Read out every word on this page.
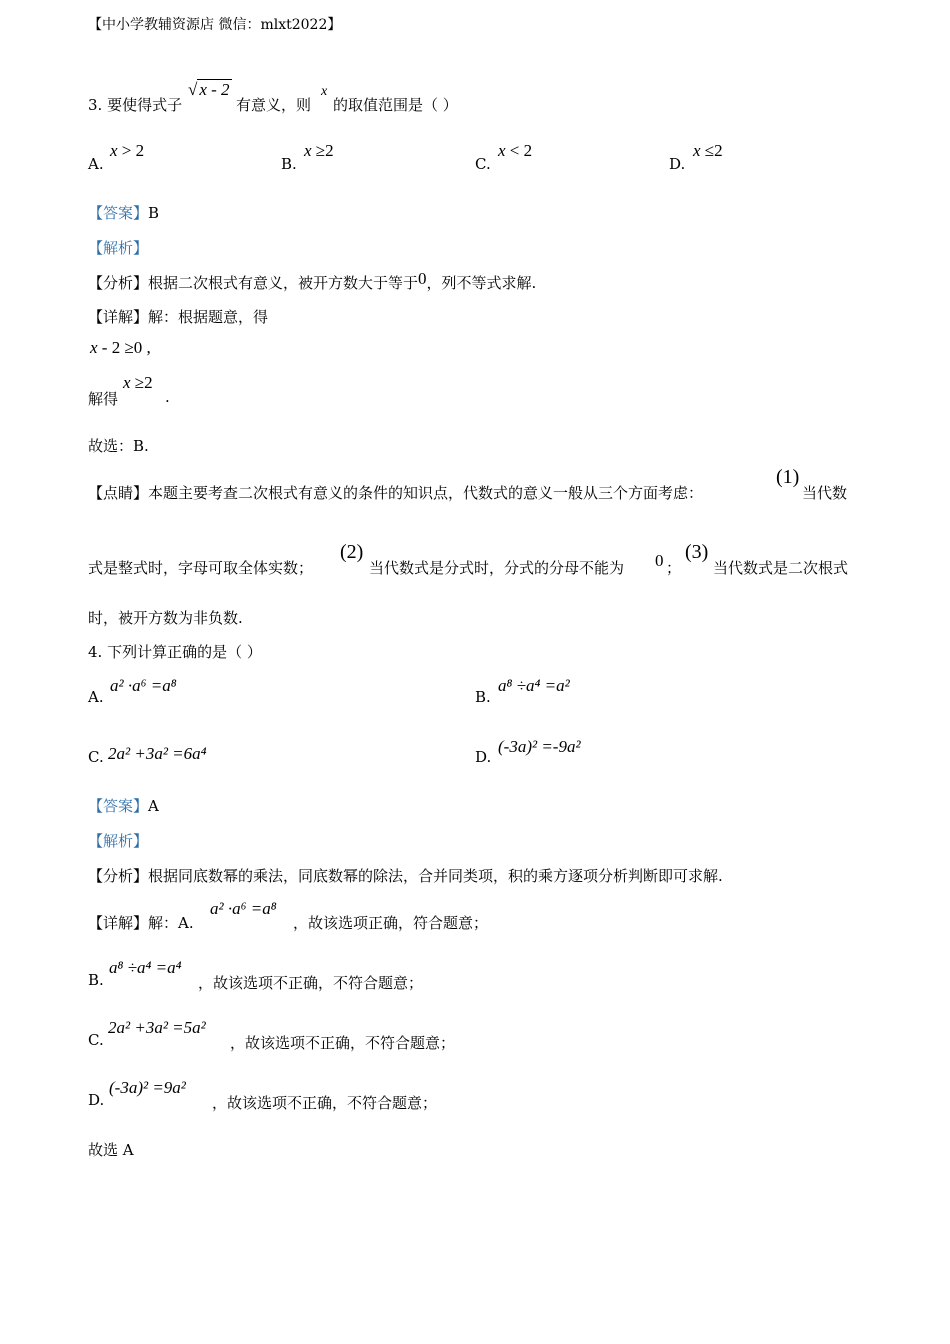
【中小学教辅资源店 微信：mlxt2022】
3. 要使得式子
√ x - 2
有意义，则
x
的取值范围是（ ）
A.
x > 2
B.
x ≥2
C.
x < 2
D.
x ≤2
【答案】B
【解析】
【分析】根据二次根式有意义，被开方数大于等于0，列不等式求解.
【详解】解：根据题意，得
x - 2 ≥0 ,
解得
x ≥2
.
故选：B.
【点睛】本题主要考查二次根式有意义的条件的知识点，代数式的意义一般从三个方面考虑：
(1)
当代数
式是整式时，字母可取全体实数；
(2)
当代数式是分式时，分式的分母不能为 0 ；
(3)
当代数式是二次根式
时，被开方数为非负数.
4. 下列计算正确的是（ ）
A.
a² ·a⁶ =a⁸
B.
a⁸ ÷a⁴ =a²
C. 2a² +3a² =6a⁴	D.
(-3a)² =-9a²
【答案】A
【解析】
【分析】根据同底数幂的乘法，同底数幂的除法，合并同类项，积的乘方逐项分析判断即可求解.
【详解】解：A.
a² ·a⁶ =a⁸
，故该选项正确，符合题意；
B.
a⁸ ÷a⁴ =a⁴
，故该选项不正确，不符合题意；
C.
2a² +3a² =5a²
，故该选项不正确，不符合题意；
D.
(-3a)² =9a²
，故该选项不正确，不符合题意；
故选 A
